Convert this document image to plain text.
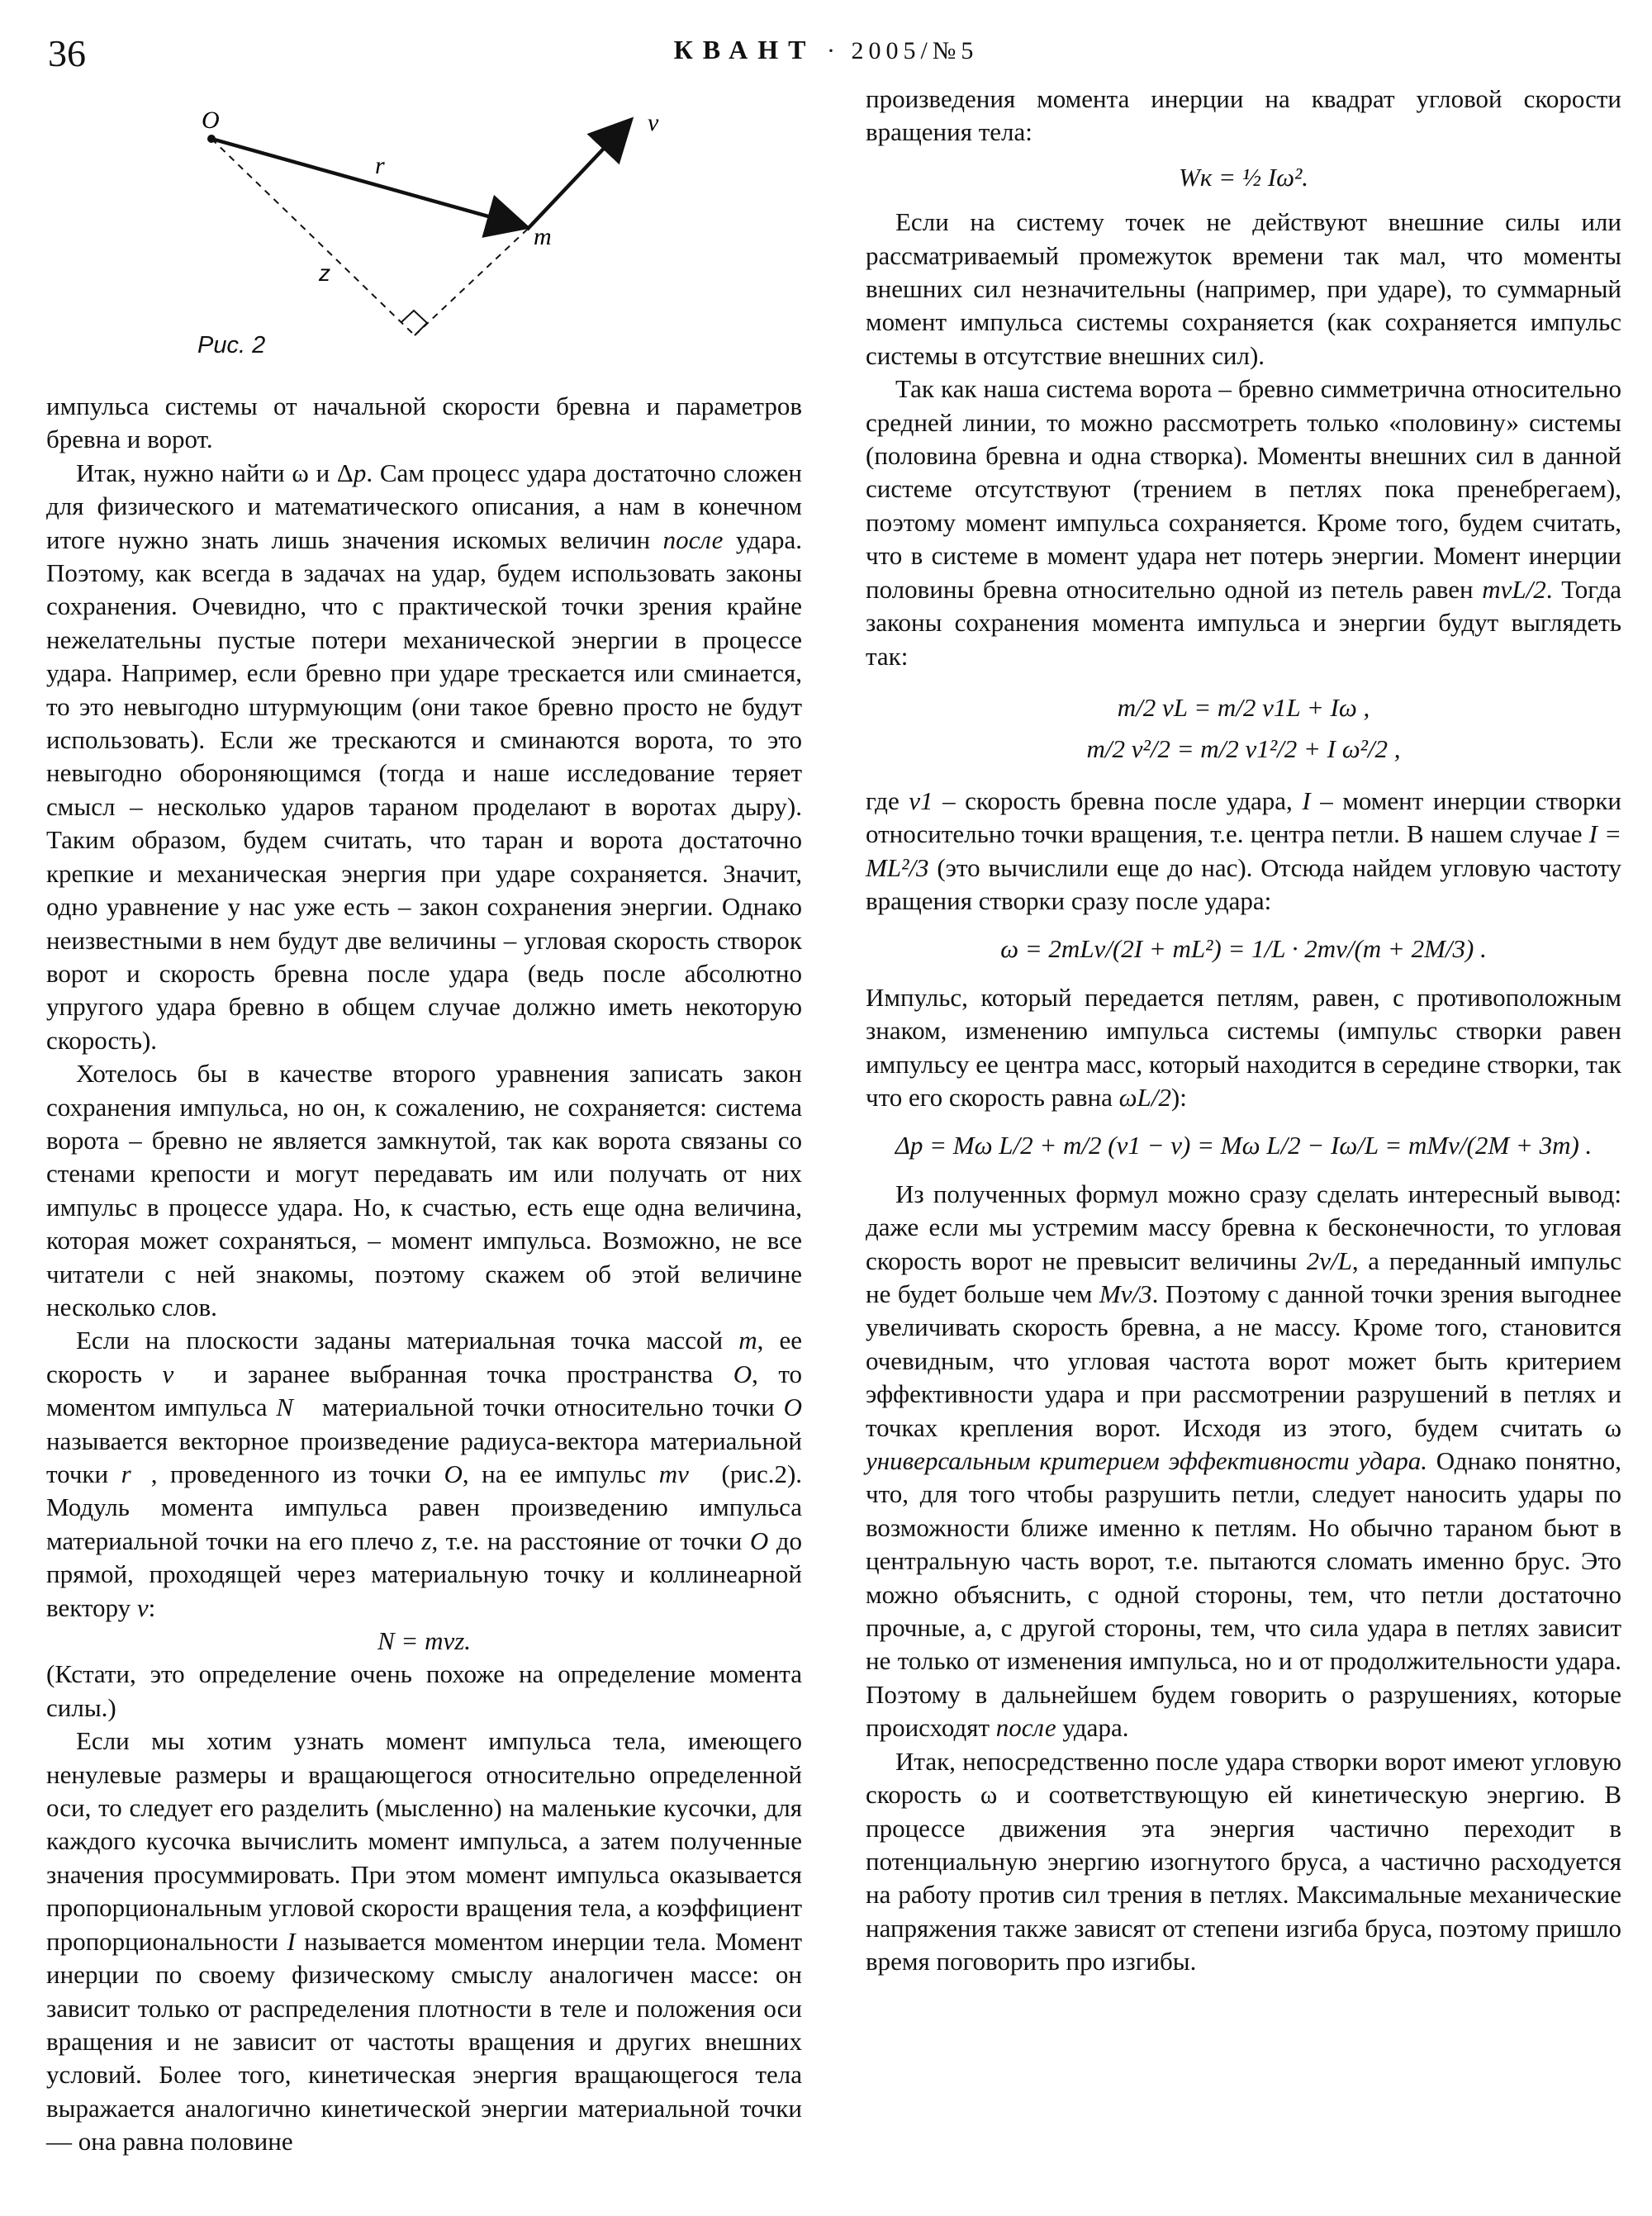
36	КВАНТ · 2005/№5
O	v
r
m
z
Рис. 2

импульса системы от начальной скорости бревна и параметров бревна и ворот.

Итак, нужно найти ω и Δp. Сам процесс удара достаточно сложен для физического и математического описания, а нам в конечном итоге нужно знать лишь значения искомых величин после удара. Поэтому, как всегда в задачах на удар, будем использовать законы сохранения. Очевидно, что с практической точки зрения крайне нежелательны пустые потери механической энергии в процессе удара. Например, если бревно при ударе трескается или сминается, то это невыгодно штурмующим (они такое бревно просто не будут использовать). Если же трескаются и сминаются ворота, то это невыгодно обороняющимся (тогда и наше исследование теряет смысл – несколько ударов тараном проделают в воротах дыру). Таким образом, будем считать, что таран и ворота достаточно крепкие и механическая энергия при ударе сохраняется. Значит, одно уравнение у нас уже есть – закон сохранения энергии. Однако неизвестными в нем будут две величины – угловая скорость створок ворот и скорость бревна после удара (ведь после абсолютно упругого удара бревно в общем случае должно иметь некоторую скорость).

Хотелось бы в качестве второго уравнения записать закон сохранения импульса, но он, к сожалению, не сохраняется: система ворота – бревно не является замкнутой, так как ворота связаны со стенами крепости и могут передавать им или получать от них импульс в процессе удара. Но, к счастью, есть еще одна величина, которая может сохраняться, – момент импульса. Возможно, не все читатели с ней знакомы, поэтому скажем об этой величине несколько слов.

Если на плоскости заданы материальная точка массой m, ее скорость v⃗ и заранее выбранная точка пространства O, то моментом импульса N⃗ материальной точки относительно точки O называется векторное произведение радиуса-вектора материальной точки r⃗, проведенного из точки O, на ее импульс mv⃗ (рис.2). Модуль момента импульса равен произведению импульса материальной точки на его плечо z, т.е. на расстояние от точки O до прямой, проходящей через материальную точку и коллинеарной вектору v:

N = mvz.

(Кстати, это определение очень похоже на определение момента силы.)

Если мы хотим узнать момент импульса тела, имеющего ненулевые размеры и вращающегося относительно определенной оси, то следует его разделить (мысленно) на маленькие кусочки, для каждого кусочка вычислить момент импульса, а затем полученные значения просуммировать. При этом момент импульса оказывается пропорциональным угловой скорости вращения тела, а коэффициент пропорциональности I называется моментом инерции тела. Момент инерции по своему физическому смыслу аналогичен массе: он зависит только от распределения плотности в теле и положения оси вращения и не зависит от частоты вращения и других внешних условий. Более того, кинетическая энергия вращающегося тела выражается аналогично кинетической энергии материальной точки — она равна половине

произведения момента инерции на квадрат угловой скорости вращения тела:

Wк = ½ Iω².

Если на систему точек не действуют внешние силы или рассматриваемый промежуток времени так мал, что моменты внешних сил незначительны (например, при ударе), то суммарный момент импульса системы сохраняется (как сохраняется импульс системы в отсутствие внешних сил).

Так как наша система ворота – бревно симметрична относительно средней линии, то можно рассмотреть только «половину» системы (половина бревна и одна створка). Моменты внешних сил в данной системе отсутствуют (трением в петлях пока пренебрегаем), поэтому момент импульса сохраняется. Кроме того, будем считать, что в системе в момент удара нет потерь энергии. Момент инерции половины бревна относительно одной из петель равен mvL/2. Тогда законы сохранения момента импульса и энергии будут выглядеть так:

m/2 vL = m/2 v1L + Iω ,

m/2 v²/2 = m/2 v1²/2 + I ω²/2 ,

где v1 – скорость бревна после удара, I – момент инерции створки относительно точки вращения, т.е. центра петли. В нашем случае I = ML²/3 (это вычислили еще до нас). Отсюда найдем угловую частоту вращения створки сразу после удара:

ω = 2mLv/(2I + mL²) = 1/L · 2mv/(m + 2M/3) .

Импульс, который передается петлям, равен, с противоположным знаком, изменению импульса системы (импульс створки равен импульсу ее центра масс, который находится в середине створки, так что его скорость равна ωL/2):

Δp = Mω L/2 + m/2 (v1 − v) = Mω L/2 − Iω/L = mMv/(2M + 3m) .

Из полученных формул можно сразу сделать интересный вывод: даже если мы устремим массу бревна к бесконечности, то угловая скорость ворот не превысит величины 2v/L, а переданный импульс не будет больше чем Mv/3. Поэтому с данной точки зрения выгоднее увеличивать скорость бревна, а не массу. Кроме того, становится очевидным, что угловая частота ворот может быть критерием эффективности удара и при рассмотрении разрушений в петлях и точках крепления ворот. Исходя из этого, будем считать ω универсальным критерием эффективности удара. Однако понятно, что, для того чтобы разрушить петли, следует наносить удары по возможности ближе именно к петлям. Но обычно тараном бьют в центральную часть ворот, т.е. пытаются сломать именно брус. Это можно объяснить, с одной стороны, тем, что петли достаточно прочные, а, с другой стороны, тем, что сила удара в петлях зависит не только от изменения импульса, но и от продолжительности удара. Поэтому в дальнейшем будем говорить о разрушениях, которые происходят после удара.

Итак, непосредственно после удара створки ворот имеют угловую скорость ω и соответствующую ей кинетическую энергию. В процессе движения эта энергия частично переходит в потенциальную энергию изогнутого бруса, а частично расходуется на работу против сил трения в петлях. Максимальные механические напряжения также зависят от степени изгиба бруса, поэтому пришло время поговорить про изгибы.
